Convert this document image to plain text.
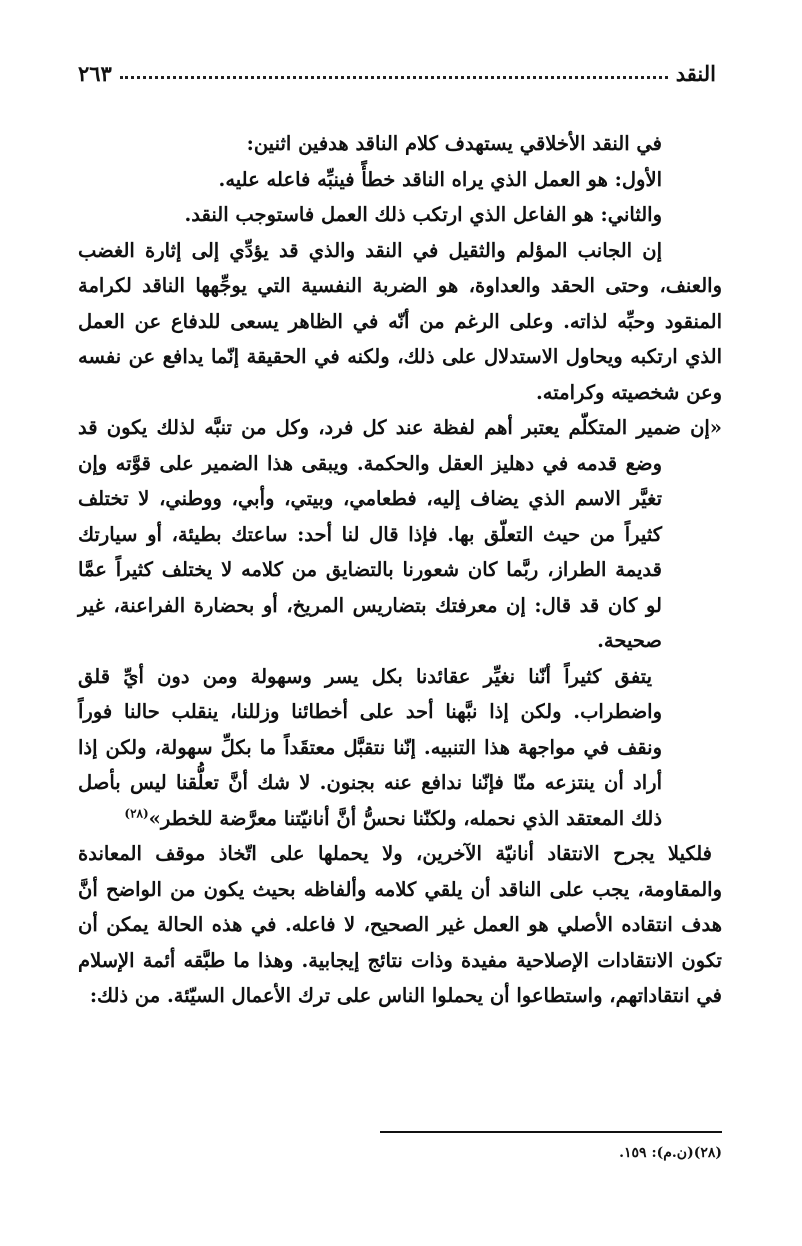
النقد
٢٦٣

في النقد الأخلاقي يستهدف كلام الناقد هدفين اثنين:

الأول: هو العمل الذي يراه الناقد خطأً فينبِّه فاعله عليه.

والثاني: هو الفاعل الذي ارتكب ذلك العمل فاستوجب النقد.

إن الجانب المؤلم والثقيل في النقد والذي قد يؤدِّي إلى إثارة الغضب والعنف، وحتى الحقد والعداوة، هو الضربة النفسية التي يوجِّهها الناقد لكرامة المنقود وحبِّه لذاته. وعلى الرغم من أنّه في الظاهر يسعى للدفاع عن العمل الذي ارتكبه ويحاول الاستدلال على ذلك، ولكنه في الحقيقة إنّما يدافع عن نفسه وعن شخصيته وكرامته.

«إن ضمير المتكلّم يعتبر أهم لفظة عند كل فرد، وكل من تنبَّه لذلك يكون قد وضع قدمه في دهليز العقل والحكمة. ويبقى هذا الضمير على قوَّته وإن تغيَّر الاسم الذي يضاف إليه، فطعامي، وبيتي، وأبي، ووطني، لا تختلف كثيراً من حيث التعلّق بها. فإذا قال لنا أحد: ساعتك بطيئة، أو سيارتك قديمة الطراز، ربَّما كان شعورنا بالتضايق من كلامه لا يختلف كثيراً عمَّا لو كان قد قال: إن معرفتك بتضاريس المريخ، أو بحضارة الفراعنة، غير صحيحة.

يتفق كثيراً أنّنا نغيِّر عقائدنا بكل يسر وسهولة ومن دون أيِّ قلق واضطراب. ولكن إذا نبَّهنا أحد على أخطائنا وزللنا، ينقلب حالنا فوراً ونقف في مواجهة هذا التنبيه. إنّنا نتقبَّل معتقَداً ما بكلِّ سهولة، ولكن إذا أراد أن ينتزعه منّا فإنّنا ندافع عنه بجنون. لا شك أنَّ تعلُّقنا ليس بأصل ذلك المعتقد الذي نحمله، ولكنّنا نحسُّ أنَّ أنانيّتنا معرَّضة للخطر»$^{(٢٨)}$

فلكيلا يجرح الانتقاد أنانيّة الآخرين، ولا يحملها على اتّخاذ موقف المعاندة والمقاومة، يجب على الناقد أن يلقي كلامه وألفاظه بحيث يكون من الواضح أنَّ هدف انتقاده الأصلي هو العمل غير الصحيح، لا فاعله. في هذه الحالة يمكن أن تكون الانتقادات الإصلاحية مفيدة وذات نتائج إيجابية. وهذا ما طبَّقه أئمة الإسلام في انتقاداتهم، واستطاعوا أن يحملوا الناس على ترك الأعمال السيّئة. من ذلك:

(٢٨)(ن.م): ١٥٩.
